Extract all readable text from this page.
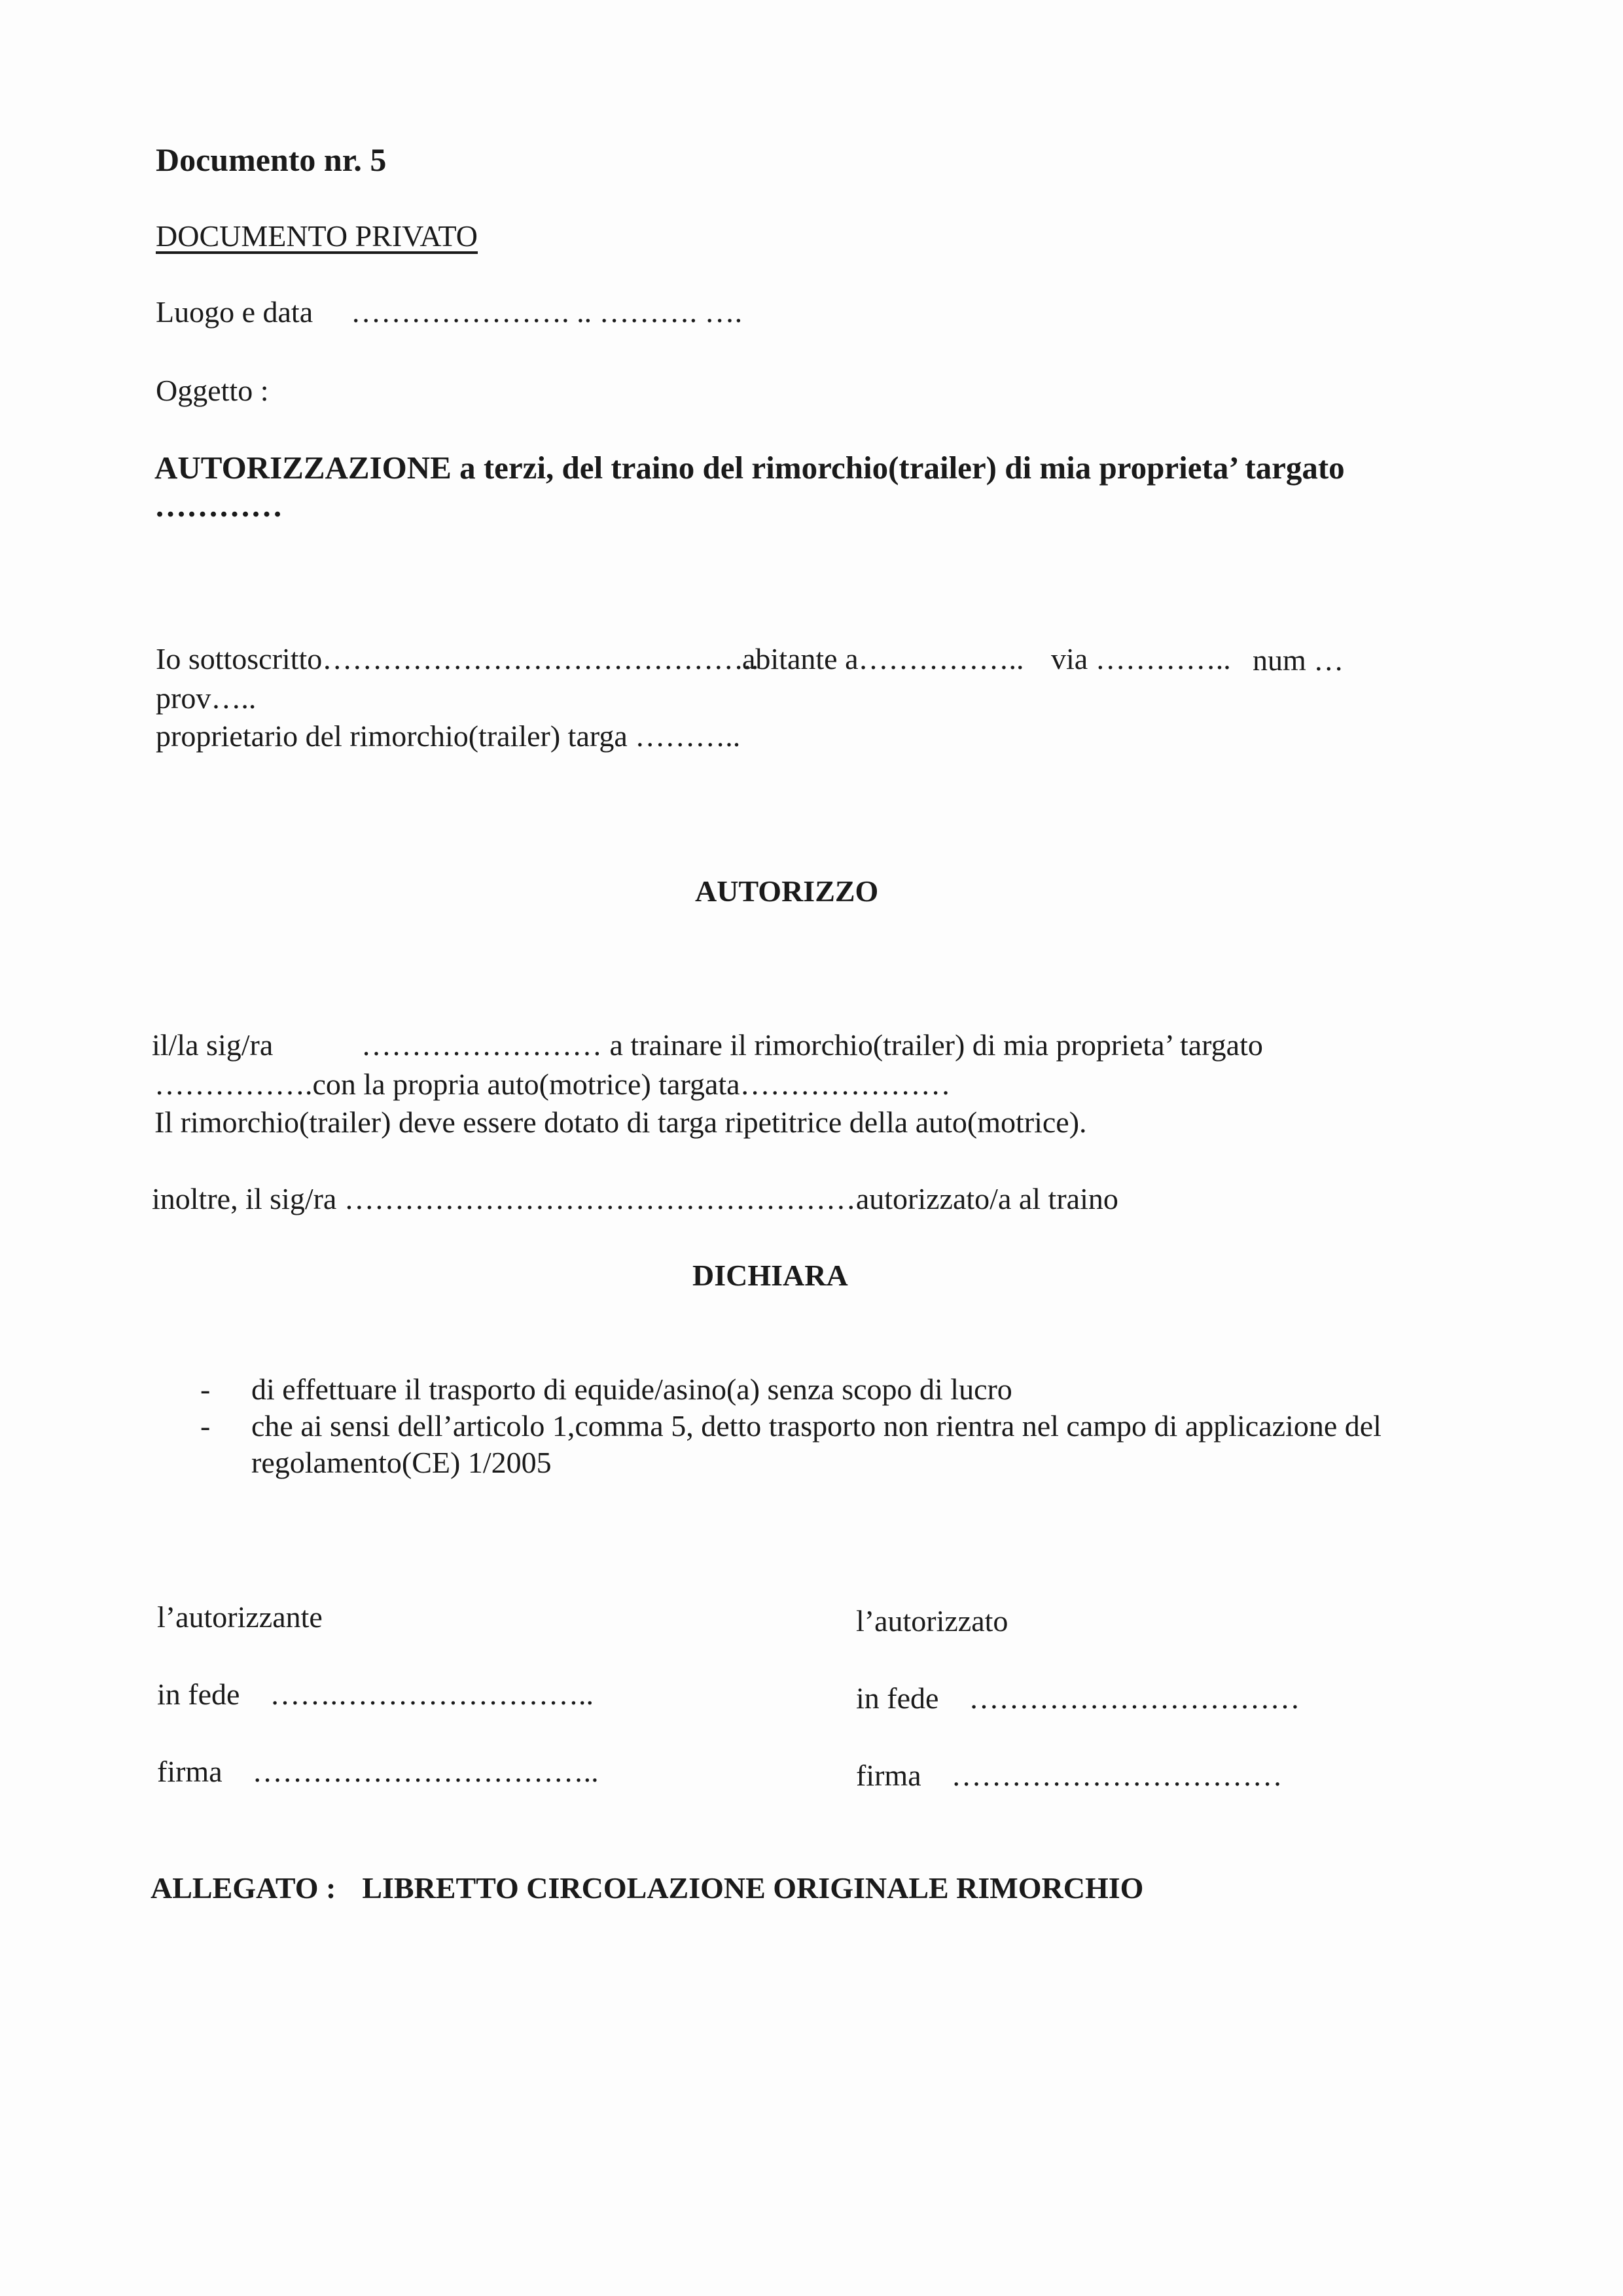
Documento nr. 5

DOCUMENTO PRIVATO

Luogo e data …………………. .. ………. ….

Oggetto :

AUTORIZZAZIONE a terzi, del traino del rimorchio(trailer) di mia proprieta’ targato …………

Io sottoscritto……………………………………..
abitante a…………….. via ………….. num …

prov…..

proprietario del rimorchio(trailer) targa ………..

AUTORIZZO

il/la sig/ra	…………………… a trainare il rimorchio(trailer) di mia proprieta’ targato

…………….con la propria auto(motrice) targata…………………

Il rimorchio(trailer) deve essere dotato di targa ripetitrice della auto(motrice).

inoltre, il sig/ra ……………………………………………autorizzato/a al traino

DICHIARA

- di effettuare il trasporto di equide/asino(a) senza scopo di lucro
- che ai sensi dell’articolo 1,comma 5, detto trasporto non rientra nel campo di applicazione del regolamento(CE) 1/2005

l’autorizzante

in fede …….……………………..

firma ……………………………..

l’autorizzato

in fede ……………………………

firma ……………………………

ALLEGATO : LIBRETTO CIRCOLAZIONE ORIGINALE RIMORCHIO
